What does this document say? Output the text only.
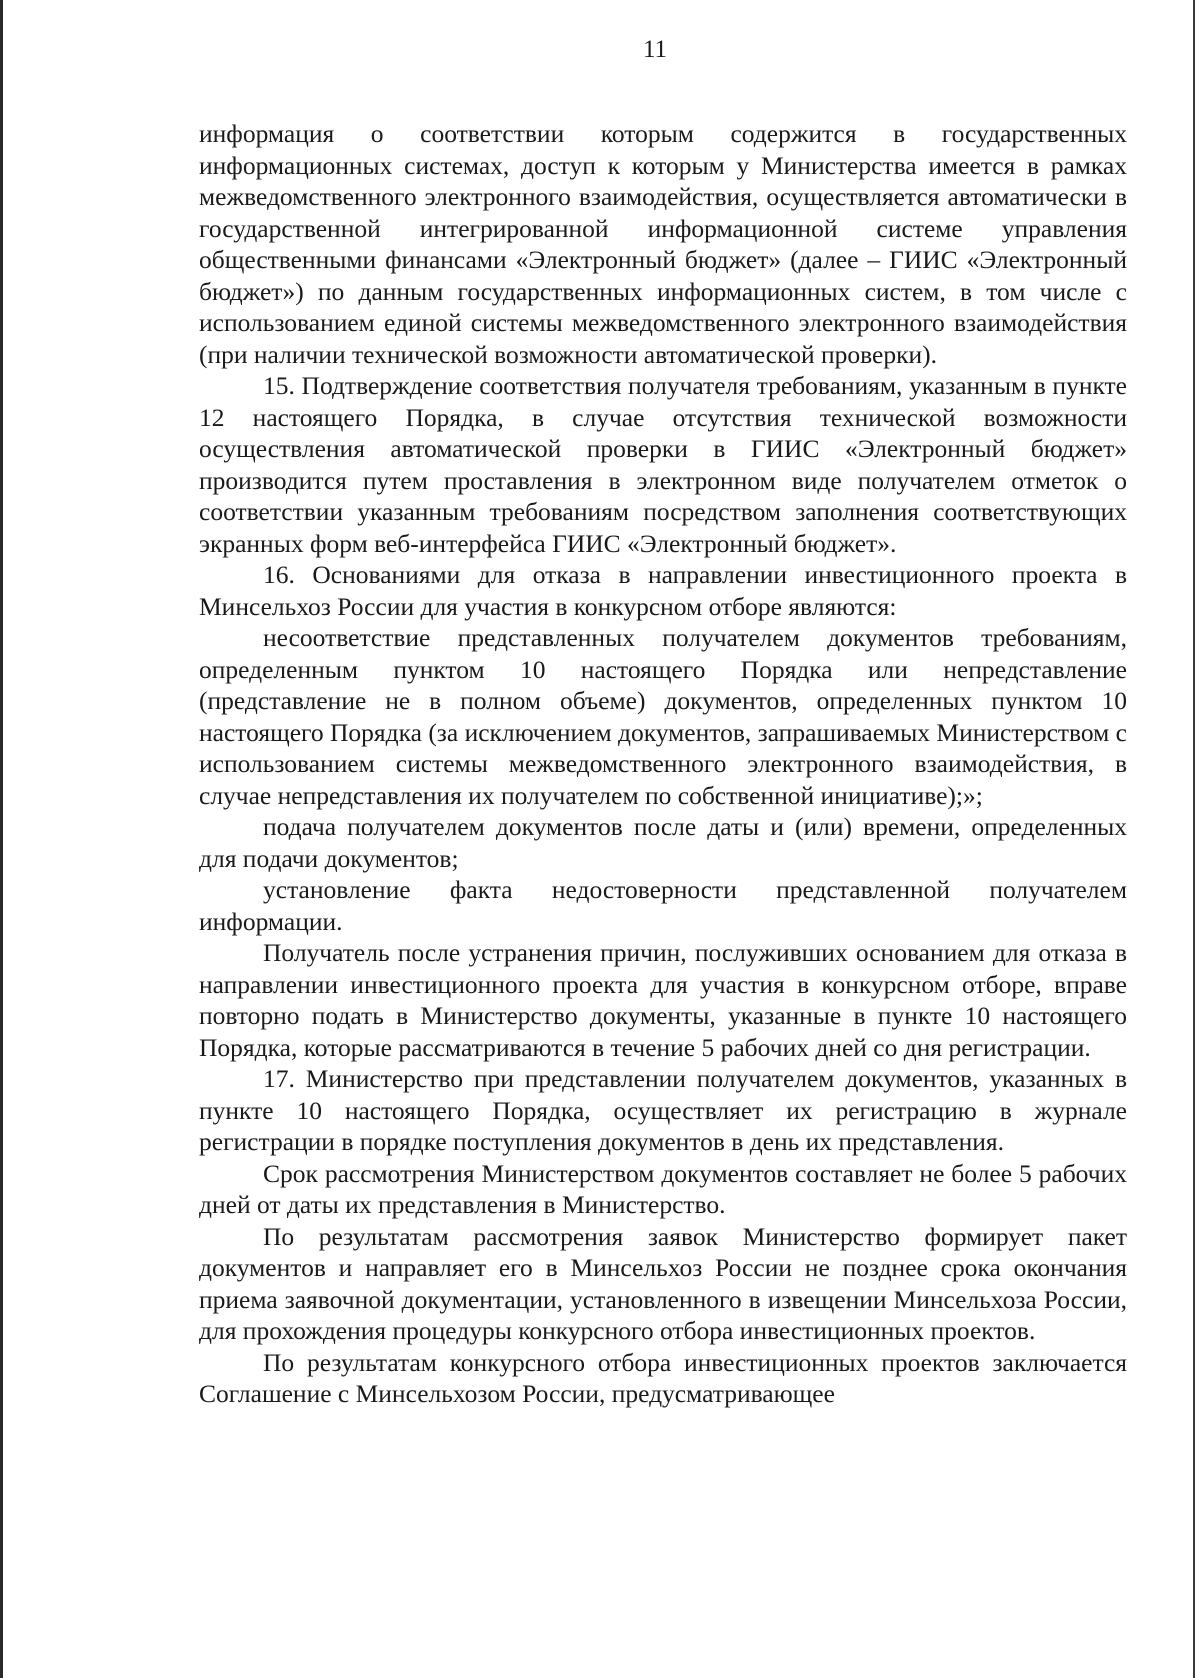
11

информация о соответствии которым содержится в государственных информационных системах, доступ к которым у Министерства имеется в рамках межведомственного электронного взаимодействия, осуществляется автоматически в государственной интегрированной информационной системе управления общественными финансами «Электронный бюджет» (далее – ГИИС «Электронный бюджет») по данным государственных информационных систем, в том числе с использованием единой системы межведомственного электронного взаимодействия (при наличии технической возможности автоматической проверки).

15. Подтверждение соответствия получателя требованиям, указанным в пункте 12 настоящего Порядка, в случае отсутствия технической возможности осуществления автоматической проверки в ГИИС «Электронный бюджет» производится путем проставления в электронном виде получателем отметок о соответствии указанным требованиям посредством заполнения соответствующих экранных форм веб-интерфейса ГИИС «Электронный бюджет».

16. Основаниями для отказа в направлении инвестиционного проекта в Минсельхоз России для участия в конкурсном отборе являются:

несоответствие представленных получателем документов требованиям, определенным пунктом 10 настоящего Порядка или непредставление (представление не в полном объеме) документов, определенных пунктом 10 настоящего Порядка (за исключением документов, запрашиваемых Министерством с использованием системы межведомственного электронного взаимодействия, в случае непредставления их получателем по собственной инициативе);»;

подача получателем документов после даты и (или) времени, определенных для подачи документов;

установление факта недостоверности представленной получателем информации.

Получатель после устранения причин, послуживших основанием для отказа в направлении инвестиционного проекта для участия в конкурсном отборе, вправе повторно подать в Министерство документы, указанные в пункте 10 настоящего Порядка, которые рассматриваются в течение 5 рабочих дней со дня регистрации.

17. Министерство при представлении получателем документов, указанных в пункте 10 настоящего Порядка, осуществляет их регистрацию в журнале регистрации в порядке поступления документов в день их представления.

Срок рассмотрения Министерством документов составляет не более 5 рабочих дней от даты их представления в Министерство.

По результатам рассмотрения заявок Министерство формирует пакет документов и направляет его в Минсельхоз России не позднее срока окончания приема заявочной документации, установленного в извещении Минсельхоза России, для прохождения процедуры конкурсного отбора инвестиционных проектов.

По результатам конкурсного отбора инвестиционных проектов заключается Соглашение с Минсельхозом России, предусматривающее
